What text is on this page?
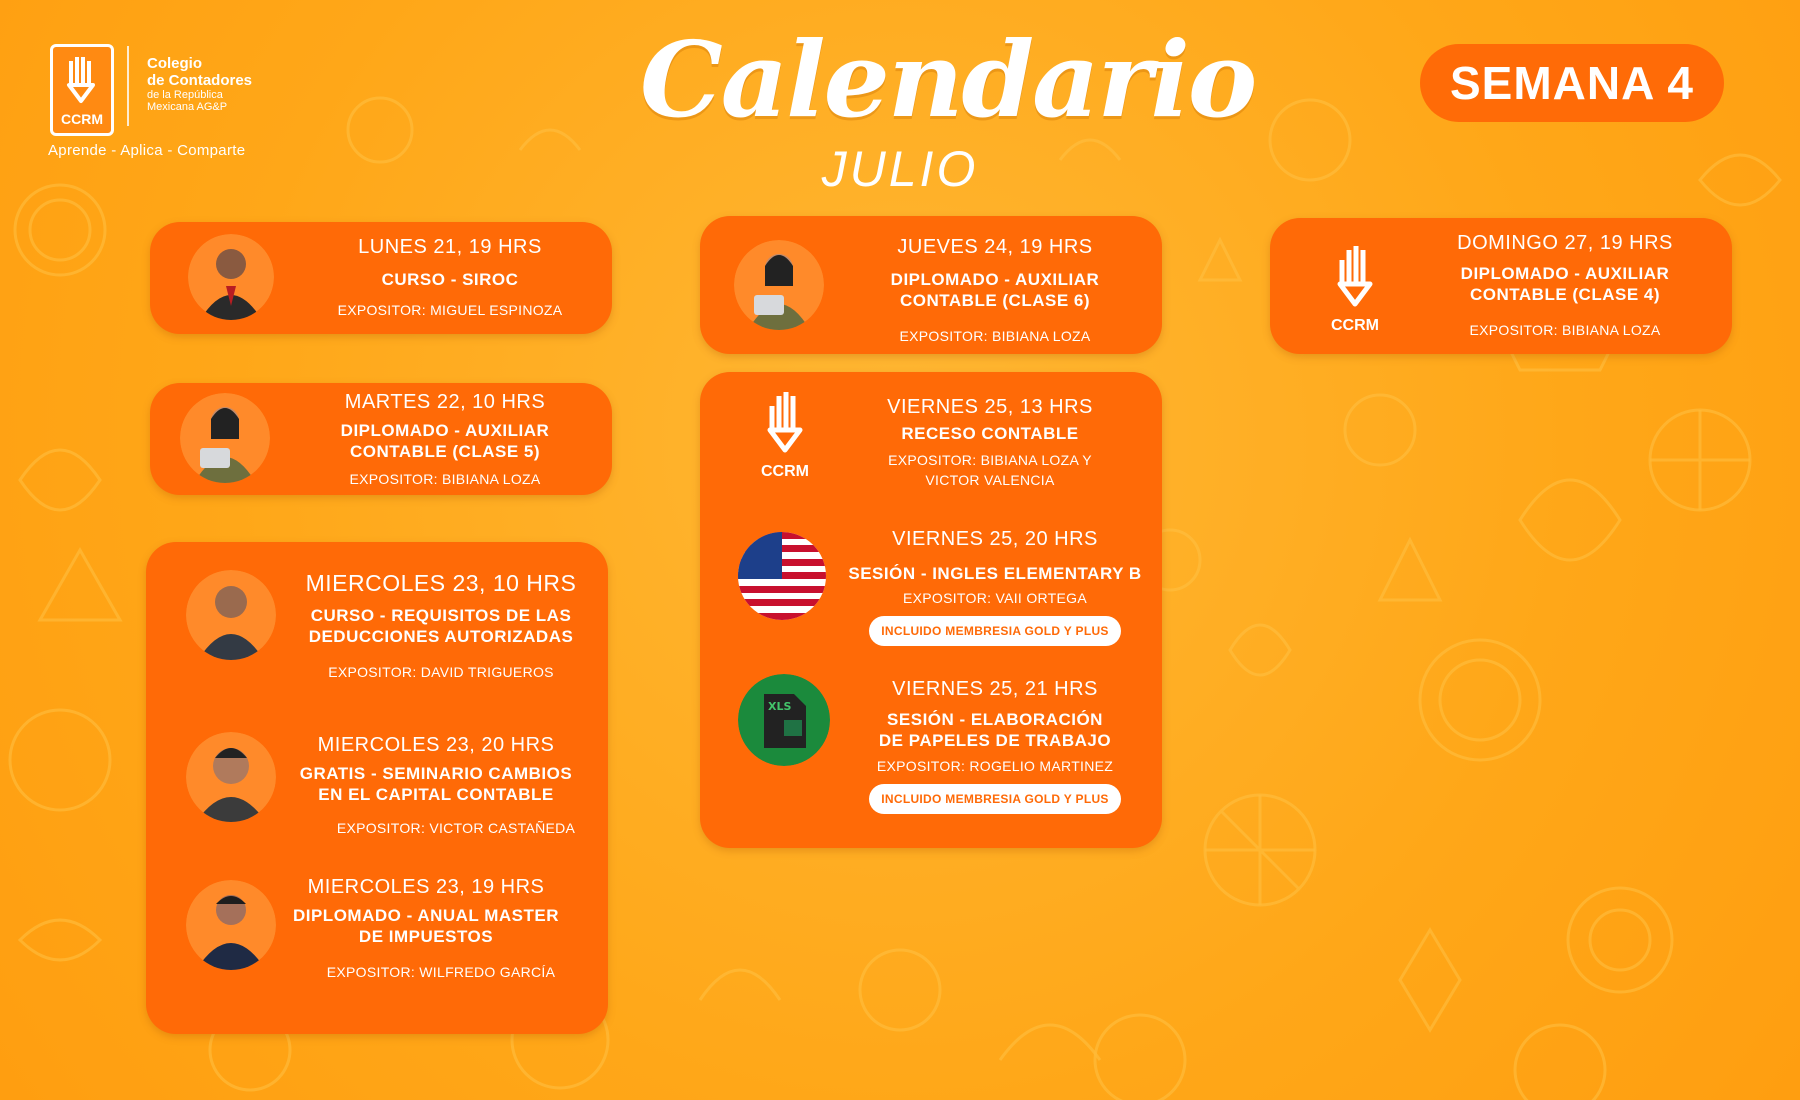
CCRM
Colegio
de Contadores
de la República
Mexicana AG&P
Aprende - Aplica - Comparte
Calendario
JULIO
SEMANA 4
LUNES 21, 19 HRS
CURSO - SIROC
EXPOSITOR: MIGUEL ESPINOZA
MARTES 22, 10 HRS
DIPLOMADO - AUXILIAR
CONTABLE (CLASE 5)
EXPOSITOR: BIBIANA LOZA
MIERCOLES 23, 10 HRS
CURSO - REQUISITOS DE LAS
DEDUCCIONES AUTORIZADAS
EXPOSITOR: DAVID TRIGUEROS
MIERCOLES 23, 20 HRS
GRATIS - SEMINARIO CAMBIOS
EN EL CAPITAL CONTABLE
EXPOSITOR: VICTOR CASTAÑEDA
MIERCOLES 23, 19 HRS
DIPLOMADO - ANUAL MASTER
DE IMPUESTOS
EXPOSITOR: WILFREDO GARCÍA
JUEVES 24, 19 HRS
DIPLOMADO - AUXILIAR
CONTABLE (CLASE 6)
EXPOSITOR: BIBIANA LOZA
CCRM
VIERNES 25, 13 HRS
RECESO CONTABLE
EXPOSITOR: BIBIANA LOZA Y
VICTOR VALENCIA
VIERNES 25, 20 HRS
SESIÓN - INGLES ELEMENTARY B
EXPOSITOR: VAII ORTEGA
INCLUIDO MEMBRESIA GOLD Y PLUS
XLS
VIERNES 25, 21 HRS
SESIÓN - ELABORACIÓN
DE PAPELES DE TRABAJO
EXPOSITOR: ROGELIO MARTINEZ
INCLUIDO MEMBRESIA GOLD Y PLUS
CCRM
DOMINGO 27, 19 HRS
DIPLOMADO - AUXILIAR
CONTABLE (CLASE 4)
EXPOSITOR: BIBIANA LOZA
